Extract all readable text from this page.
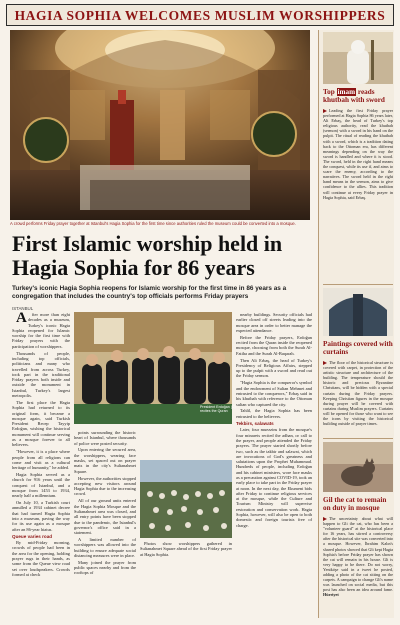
HAGIA SOPHIA WELCOMES MUSLIM WORSHIPPERS
A crowd performs Friday prayer together at Istanbul's Hagia Sophia for the first time since authorities ruled the museum could be converted into a mosque.
First Islamic worship held in Hagia Sophia for 86 years
Turkey's iconic Hagia Sophia reopens for Islamic worship for the first time in 86 years as a congregation that includes the country's top officials performs Friday prayers
ISTANBUL

A fter more than eight decades as a museum, Turkey's iconic Hagia Sophia reopened for Islamic worship for the first time with Friday prayers with the participation of worshippers.

Thousands of people, including top officials, politicians and many who travelled from across Turkey, took part in the traditional Friday prayers both inside and outside the monument in Istanbul, Turkey's largest metropolis.

The first place the Hagia Sophia had returned to its original form, it became a mosque again, said Turkish President Recep Tayyip Erdoğan, wishing the historical monument will continue serving as a mosque forever to all believers.

"However, it is a place where people from all religions can come and visit as a cultural heritage of humanity," he added.

Hagia Sophia served as a church for 916 years until the conquest of Istanbul, and a mosque from 1453 to 1934, nearly half a millennium.

On July 10, a Turkish court annulled a 1934 cabinet decree that had turned Hagia Sophia into a museum, paving the way for its use again as a mosque after an 86-year hiatus.

Queue varies road

By mid-Friday morning, crowds of people had been in the area for the opening, holding prayer rugs in their hands, as some from the Queue view road set over loudspeakers. Crowds formed at check

President Erdoğan (C) recites the Quran

points surrounding the historic heart of Istanbul, where thousands of police were posted security.

Upon entering the secured area, the worshippers, wearing face masks, set spaced out on prayer mats in the city's Sultanahmet Square.

However, the authorities stopped accepting new visitors around Hagia Sophia due to the increasing crowd.

All of our ground units entered the Hagia Sophia Mosque and the Sultanahmet area was closed, and all entry points have been stopped due to the pandemic, the Istanbul's governor's office said in a statement.

A limited number of worshippers was allowed into the building to ensure adequate social distancing measures were in place.

Many joined the prayer from public spaces nearby and from the rooftops of

Photos show worshippers gathered in Sultanahmet Square ahead of the first Friday prayer at Hagia Sophia.

nearby buildings. Security officials had earlier closed off streets leading into the mosque area in order to better manage the expected attendance.

Before the Friday prayers, Erdoğan recited from the Quran inside the reopened mosque, choosing from both the Surah Al-Fatiha and the Surah Al-Baqarah.

Then Ali Erbaş, the head of Turkey's Presidency of Religious Affairs, stepped up to the pulpit with a sword and read out the Friday sermon.

"Hagia Sophia is the conqueror's symbol and the endowment of Sultan Mehmet and entrusted to the conquerors," Erbaş said in his khutbah with reference to the Ottoman sultan who captured the city.

Tahlil, the Hagia Sophia has been entrusted to the believers.

Tekbirs, salawats

Later, four muezzins from the mosque's four minarets recited the adhan, or call to the prayer, and people attended the Friday prayers. The prayer started shortly before two, such as the takbir and salawat, which are invocations of God's greatness and salutations upon the Prophet Muhammad. Hundreds of people, including Erdoğan and his cabinet ministers, wore face masks as a precaution against COVID-19, took an early place to take part in the Friday prayer at noon. In the next day, the Ekumeni bids after Friday to continue religious services at the mosque, while the Culture and Tourism Ministry will supervise restoration and conservation work. Hagia Sophia, however, will also be open to both domestic and foreign tourists free of charge.

Top imam reads khutbah with sword
Leading the first Friday prayer performed at Hagia Sophia 86 years later, Ali Erbaş, the head of Turkey's top religious authority, read the khutbah (sermon) with a sword in his hand on the pulpit. The ritual of reading the khutbah with a sword, which is a tradition dating back to the Ottoman era, has different meanings depending on the way the sword is handled and where it is stood. The sword, held in the right hand means the conquest, while its use if, and aims to scare the enemy, according to the narratives. The sword held in the right hand means in the sermon, aims to give confidence to the allies. This tradition will continue at every Friday prayer in Hagia Sophia, said Erbaş.
Paintings covered with curtains
The floor of the historical structure is covered with carpet, in protection of the artistic structure and architecture of the building. The temperature should the historic and precious Byzantine Christians, will be hidden with a special curtain during the Friday prayers. Keeping Christian figures in the mosque during prayer will be covered with curtains during Muslim prayers. Curtains will be opened for those who want to see the icons by visiting the historical building outside of prayer times.
Gil the cat to remain on duty in mosque
The uncertainty about what will happen to Gli the cat, who has been a "volunteer guard" at the historical place for 16 years, has stirred a controversy after the historical site was converted into a mosque. However, İbrahim Kalın's shared photos showed that Gli kept Hagia Sophia's before Friday prayer has shown the cat will remain in his house. Gli is very happy to be there. Do not worry, Yeniköşe said in a tweet he posted, adding a photo of the cat sitting on the carpets. A campaign to change Gli's name was launched on social media, but this post has also been an idea around fame. Hürriyet
